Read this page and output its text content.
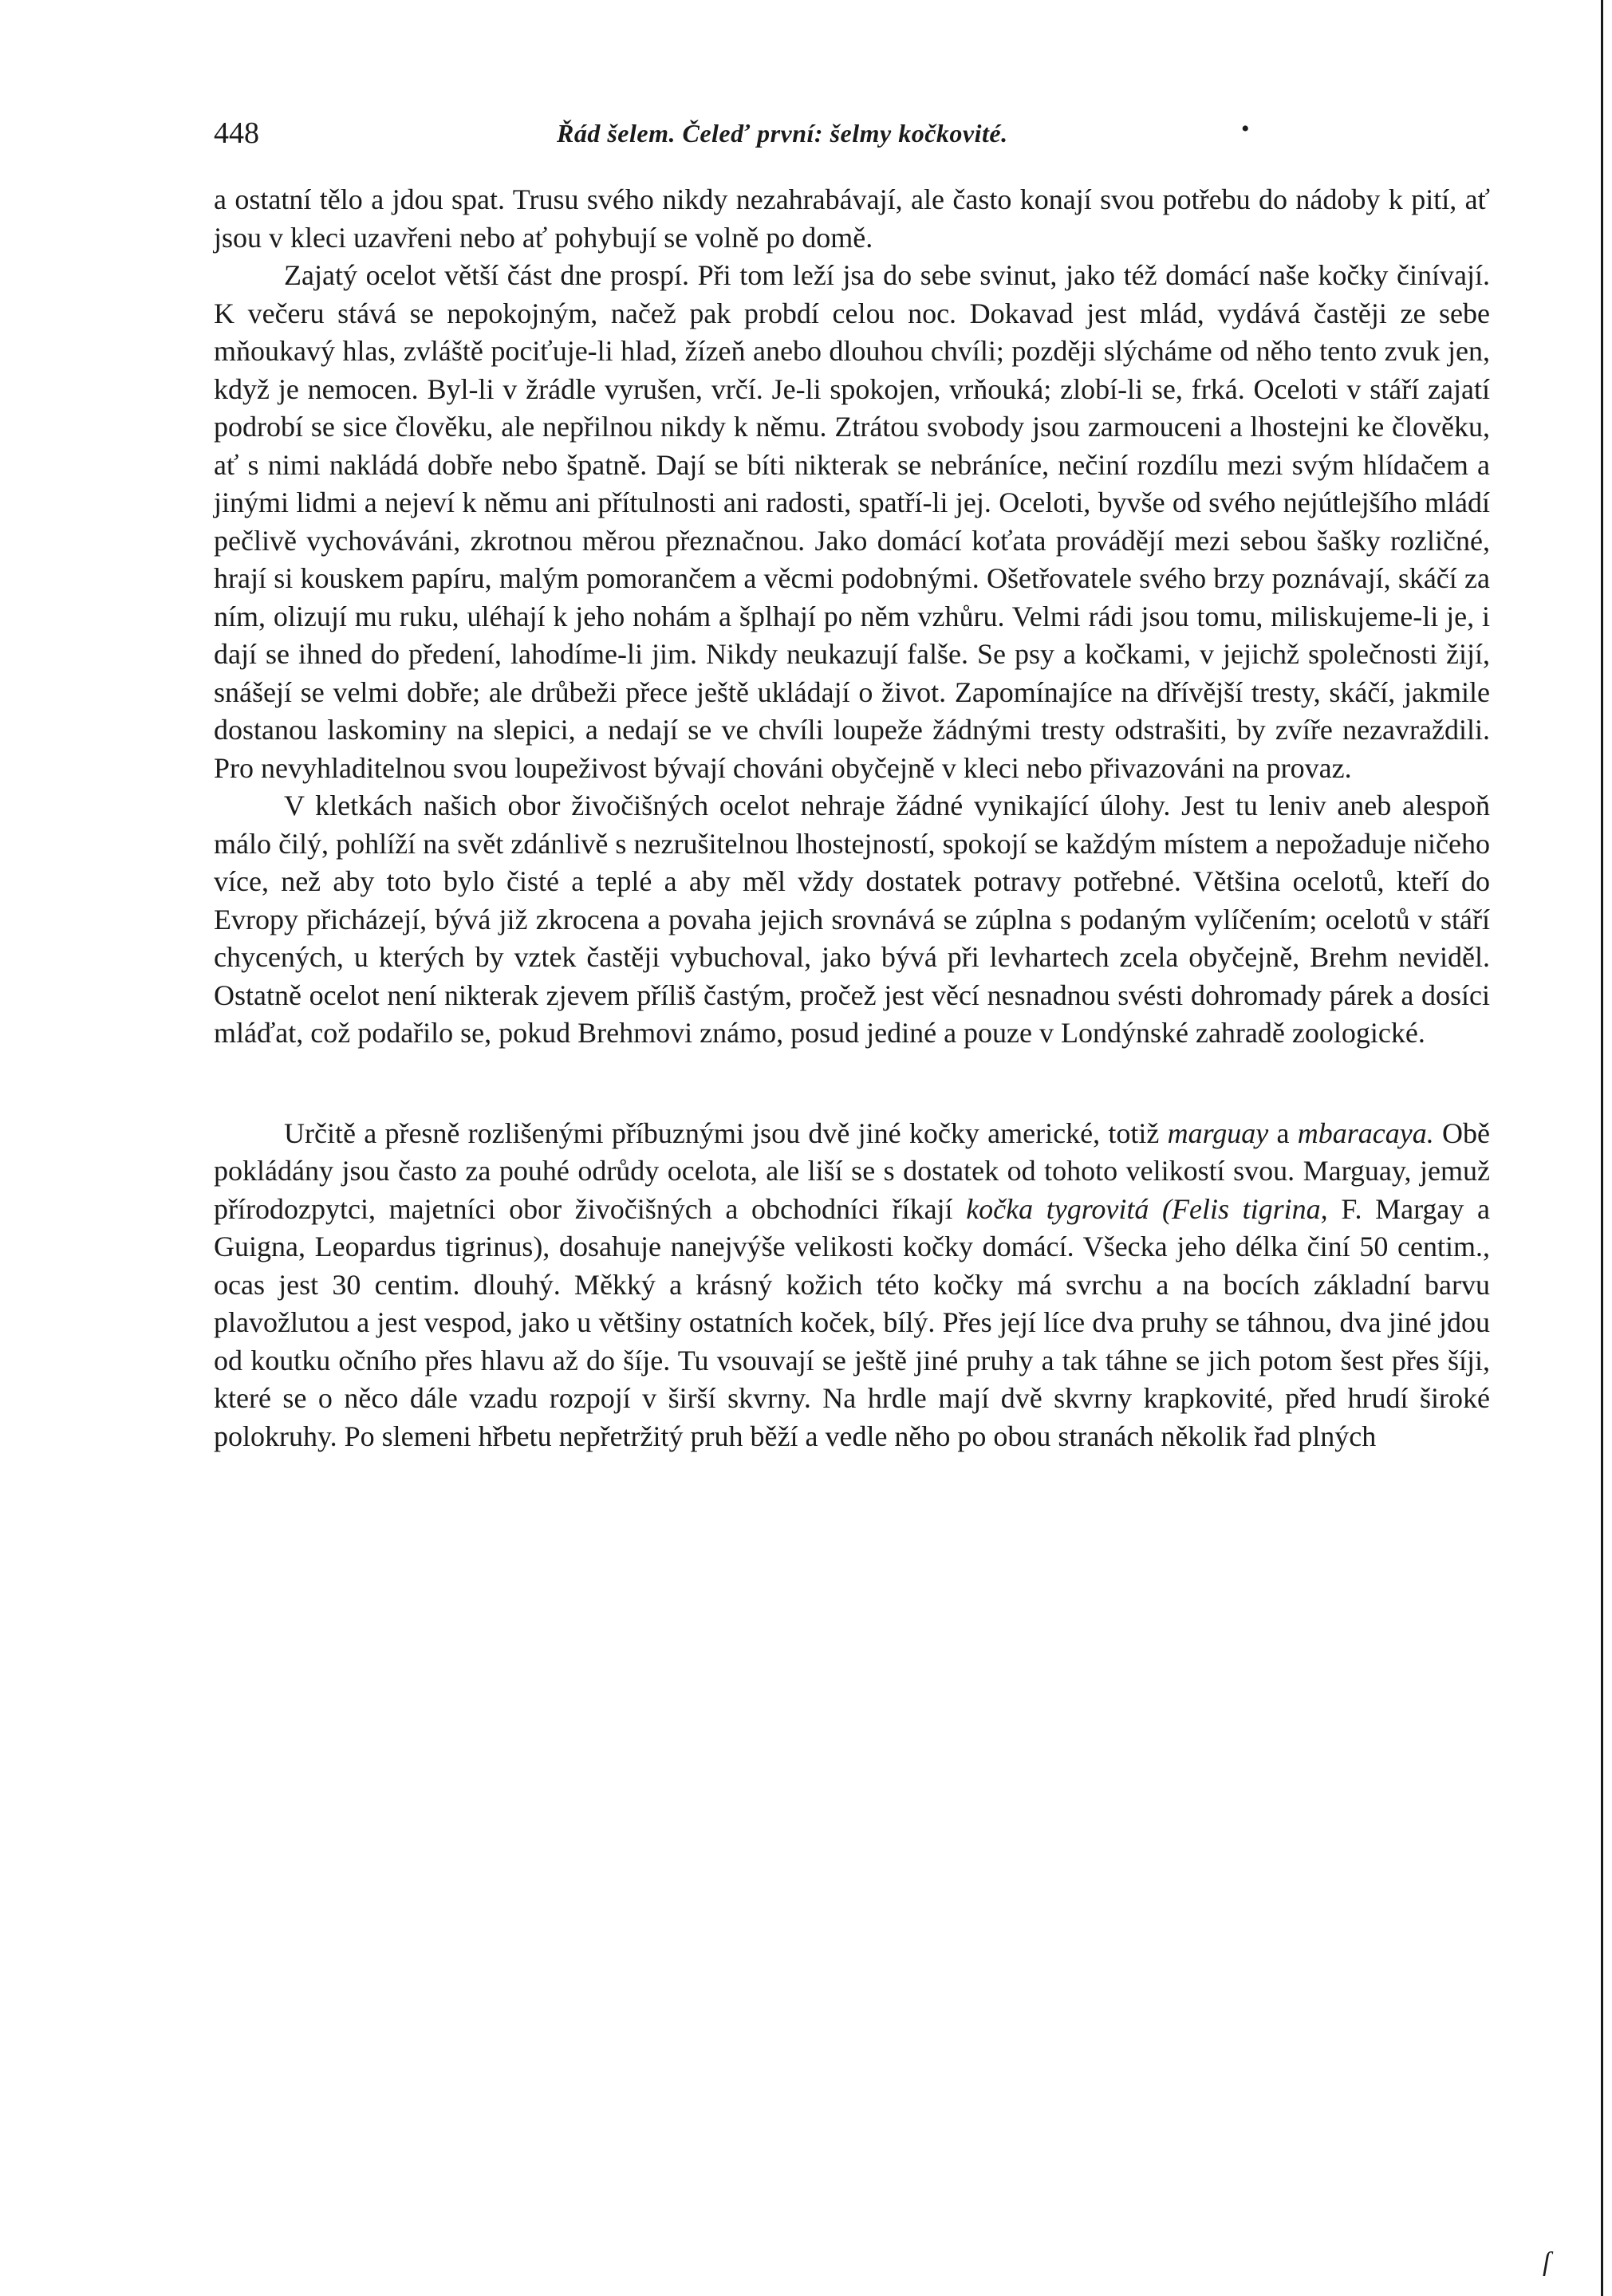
448	Řád šelem. Čeleď první: šelmy kočkovité.	•

a ostatní tělo a jdou spat. Trusu svého nikdy nezahrabávají, ale často konají svou potřebu do nádoby k pití, ať jsou v kleci uzavřeni nebo ať pohybují se volně po domě.

Zajatý ocelot větší část dne prospí. Při tom leží jsa do sebe svinut, jako též domácí naše kočky činívají. K večeru stává se nepokojným, načež pak probdí celou noc. Dokavad jest mlád, vydává častěji ze sebe mňoukavý hlas, zvláště pociťuje-li hlad, žízeň anebo dlouhou chvíli; později slýcháme od něho tento zvuk jen, když je nemocen. Byl-li v žrádle vyrušen, vrčí. Je-li spokojen, vrňouká; zlobí-li se, frká. Oceloti v stáří zajatí podrobí se sice člověku, ale nepřilnou nikdy k němu. Ztrátou svobody jsou zarmouceni a lhostejni ke člověku, ať s nimi nakládá dobře nebo špatně. Dají se bíti nikterak se nebráníce, nečiní rozdílu mezi svým hlídačem a jinými lidmi a nejeví k němu ani přítulnosti ani radosti, spatří-li jej. Oceloti, byvše od svého nejútlejšího mládí pečlivě vychováváni, zkrotnou měrou přeznačnou. Jako domácí koťata provádějí mezi sebou šašky rozličné, hrají si kouskem papíru, malým pomorančem a věcmi podobnými. Ošetřovatele svého brzy poznávají, skáčí za ním, olizují mu ruku, uléhají k jeho nohám a šplhají po něm vzhůru. Velmi rádi jsou tomu, miliskujeme-li je, i dají se ihned do předení, lahodíme-li jim. Nikdy neukazují falše. Se psy a kočkami, v jejichž společnosti žijí, snášejí se velmi dobře; ale drůbeži přece ještě ukládají o život. Zapomínajíce na dřívější tresty, skáčí, jakmile dostanou laskominy na slepici, a nedají se ve chvíli loupeže žádnými tresty odstrašiti, by zvíře nezavraždili. Pro nevyhladitelnou svou loupeživost bývají chováni obyčejně v kleci nebo přivazováni na provaz.

V kletkách našich obor živočišných ocelot nehraje žádné vynikající úlohy. Jest tu leniv aneb alespoň málo čilý, pohlíží na svět zdánlivě s nezrušitelnou lhostejností, spokojí se každým místem a nepožaduje ničeho více, než aby toto bylo čisté a teplé a aby měl vždy dostatek potravy potřebné. Většina ocelotů, kteří do Evropy přicházejí, bývá již zkrocena a povaha jejich srovnává se zúplna s podaným vylíčením; ocelotů v stáří chycených, u kterých by vztek častěji vybuchoval, jako bývá při levhartech zcela obyčejně, Brehm neviděl. Ostatně ocelot není nikterak zjevem příliš častým, pročež jest věcí nesnadnou svésti dohromady párek a dosíci mláďat, což podařilo se, pokud Brehmovi známo, posud jediné a pouze v Londýnské zahradě zoologické.

Určitě a přesně rozlišenými příbuznými jsou dvě jiné kočky americké, totiž marguay a mbaracaya. Obě pokládány jsou často za pouhé odrůdy ocelota, ale liší se s dostatek od tohoto velikostí svou. Marguay, jemuž přírodozpytci, majetníci obor živočišných a obchodníci říkají kočka tygrovitá (Felis tigrina, F. Margay a Guigna, Leopardus tigrinus), dosahuje nanejvýše velikosti kočky domácí. Všecka jeho délka činí 50 centim., ocas jest 30 centim. dlouhý. Měkký a krásný kožich této kočky má svrchu a na bocích základní barvu plavožlutou a jest vespod, jako u většiny ostatních koček, bílý. Přes její líce dva pruhy se táhnou, dva jiné jdou od koutku očního přes hlavu až do šíje. Tu vsouvají se ještě jiné pruhy a tak táhne se jich potom šest přes šíji, které se o něco dále vzadu rozpojí v širší skvrny. Na hrdle mají dvě skvrny krapkovité, před hrudí široké polokruhy. Po slemeni hřbetu nepřetržitý pruh běží a vedle něho po obou stranách několik řad plných

ſ
